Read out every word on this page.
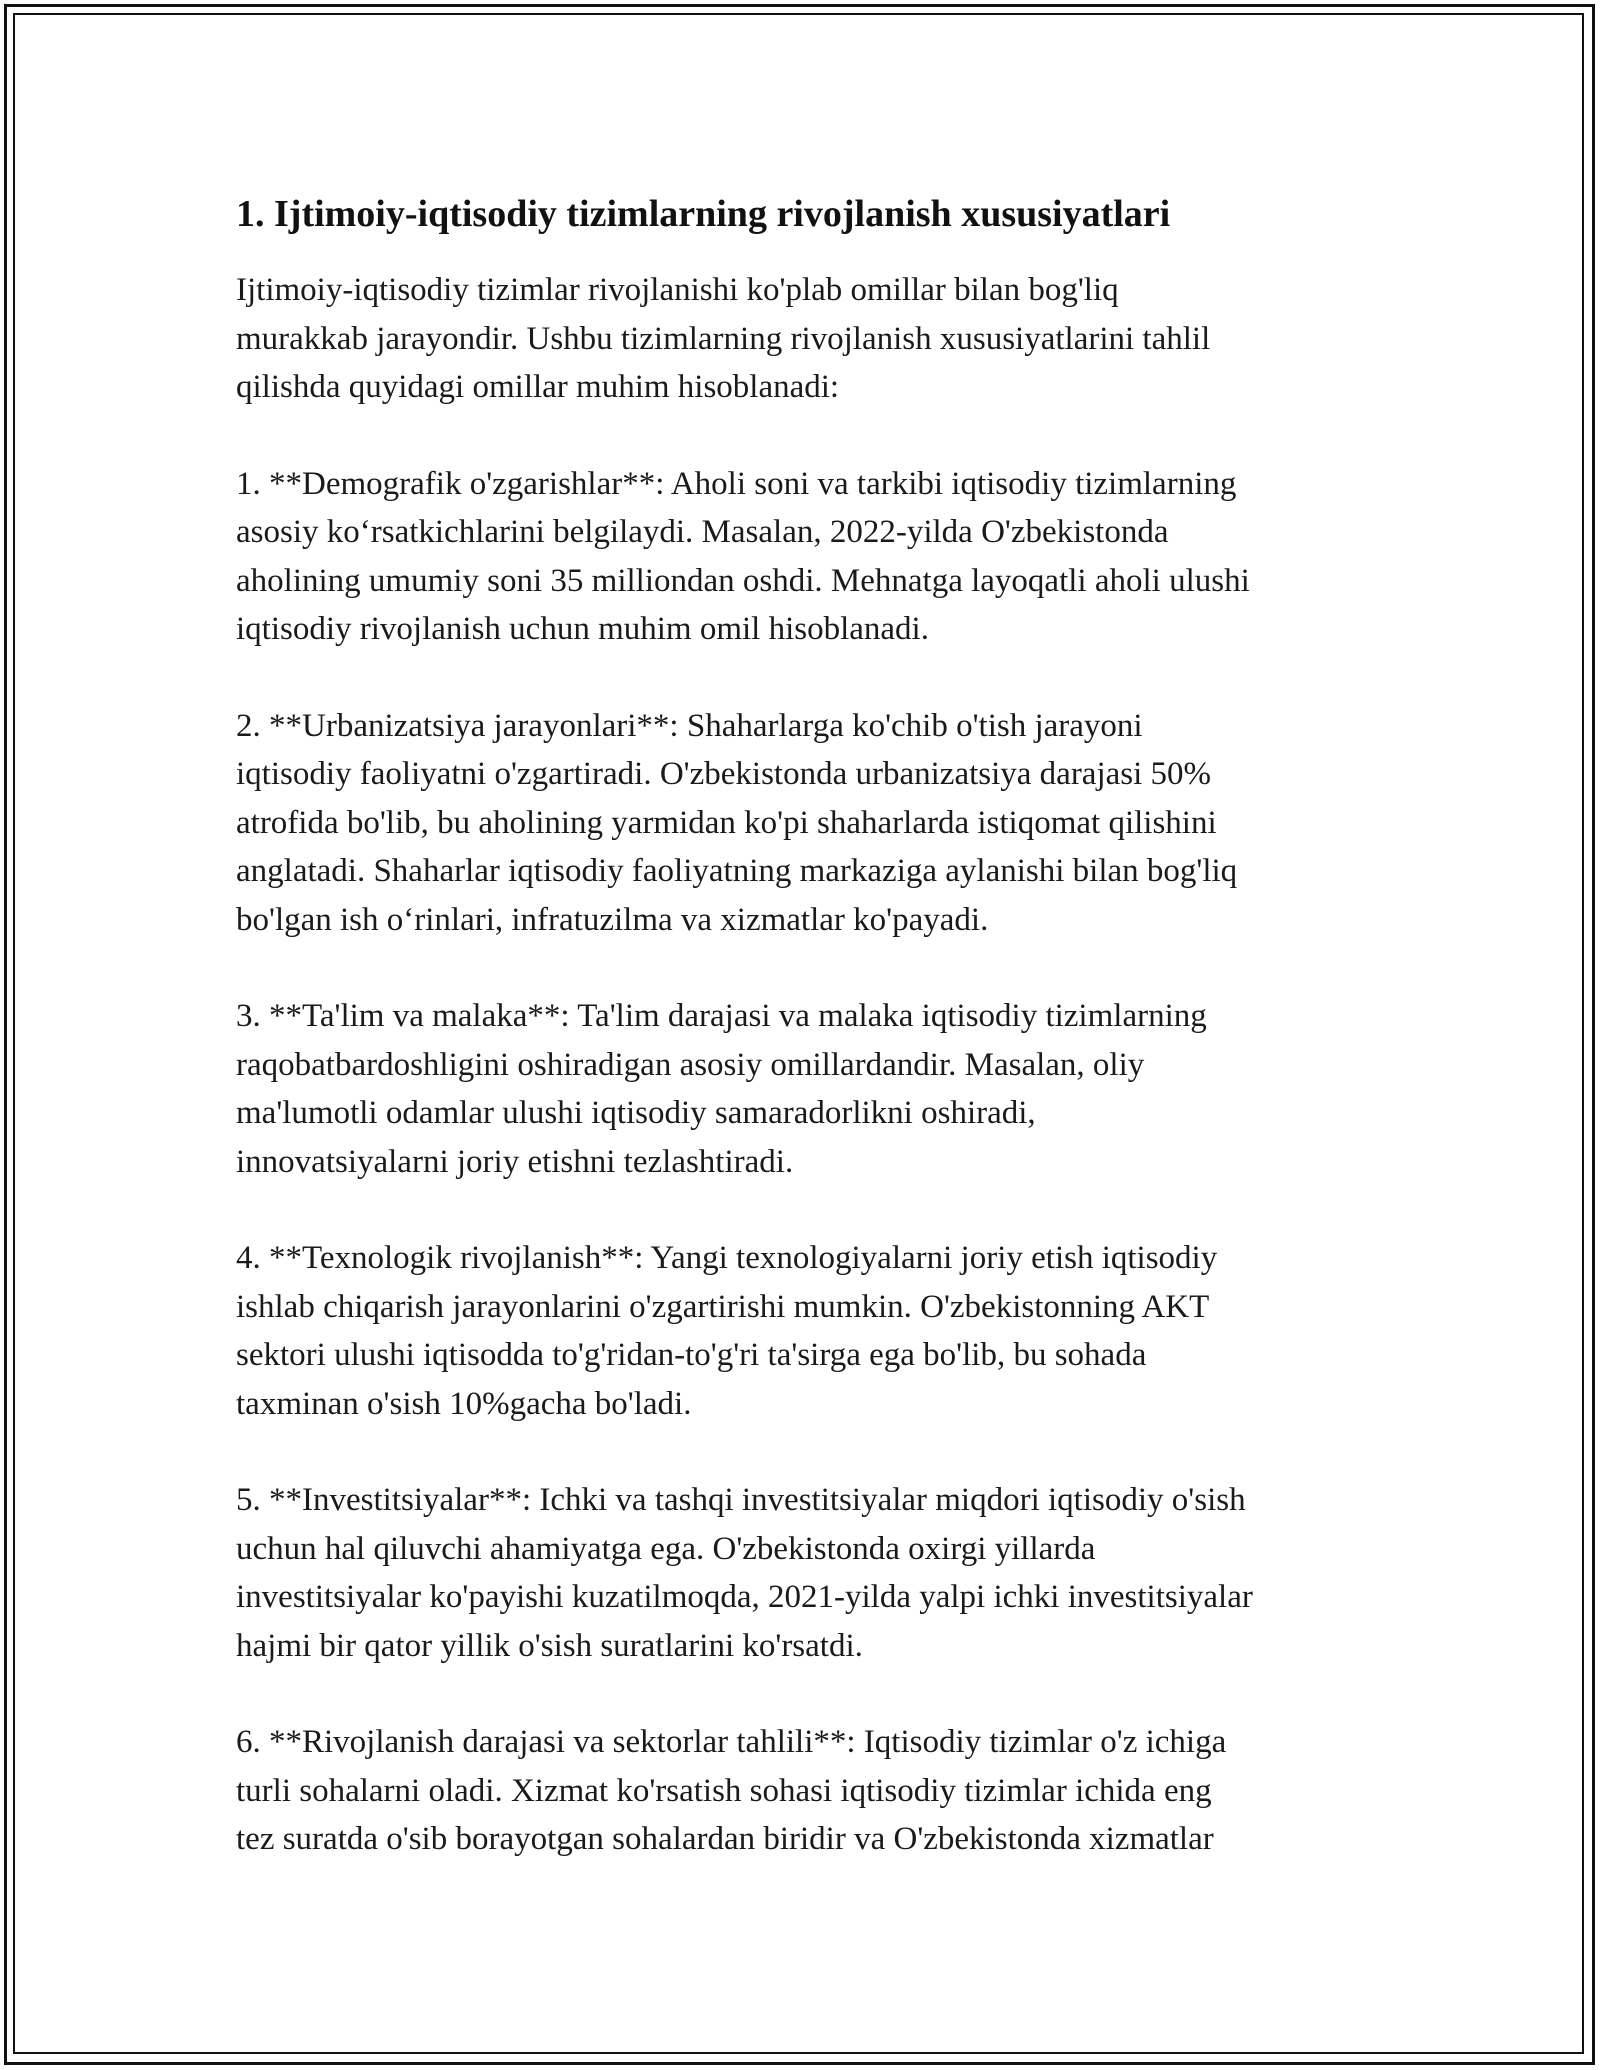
1. Ijtimoiy-iqtisodiy tizimlarning rivojlanish xususiyatlari

Ijtimoiy-iqtisodiy tizimlar rivojlanishi ko'plab omillar bilan bog'liq
murakkab jarayondir. Ushbu tizimlarning rivojlanish xususiyatlarini tahlil
qilishda quyidagi omillar muhim hisoblanadi:

1. **Demografik o'zgarishlar**: Aholi soni va tarkibi iqtisodiy tizimlarning
asosiy koʻrsatkichlarini belgilaydi. Masalan, 2022-yilda O'zbekistonda
aholining umumiy soni 35 milliondan oshdi. Mehnatga layoqatli aholi ulushi
iqtisodiy rivojlanish uchun muhim omil hisoblanadi.

2. **Urbanizatsiya jarayonlari**: Shaharlarga ko'chib o'tish jarayoni
iqtisodiy faoliyatni o'zgartiradi. O'zbekistonda urbanizatsiya darajasi 50%
atrofida bo'lib, bu aholining yarmidan ko'pi shaharlarda istiqomat qilishini
anglatadi. Shaharlar iqtisodiy faoliyatning markaziga aylanishi bilan bog'liq
bo'lgan ish oʻrinlari, infratuzilma va xizmatlar ko'payadi.

3. **Ta'lim va malaka**: Ta'lim darajasi va malaka iqtisodiy tizimlarning
raqobatbardoshligini oshiradigan asosiy omillardandir. Masalan, oliy
ma'lumotli odamlar ulushi iqtisodiy samaradorlikni oshiradi,
innovatsiyalarni joriy etishni tezlashtiradi.

4. **Texnologik rivojlanish**: Yangi texnologiyalarni joriy etish iqtisodiy
ishlab chiqarish jarayonlarini o'zgartirishi mumkin. O'zbekistonning AKT
sektori ulushi iqtisodda to'g'ridan-to'g'ri ta'sirga ega bo'lib, bu sohada
taxminan o'sish 10%gacha bo'ladi.

5. **Investitsiyalar**: Ichki va tashqi investitsiyalar miqdori iqtisodiy o'sish
uchun hal qiluvchi ahamiyatga ega. O'zbekistonda oxirgi yillarda
investitsiyalar ko'payishi kuzatilmoqda, 2021-yilda yalpi ichki investitsiyalar
hajmi bir qator yillik o'sish suratlarini ko'rsatdi.

6. **Rivojlanish darajasi va sektorlar tahlili**: Iqtisodiy tizimlar o'z ichiga
turli sohalarni oladi. Xizmat ko'rsatish sohasi iqtisodiy tizimlar ichida eng
tez suratda o'sib borayotgan sohalardan biridir va O'zbekistonda xizmatlar
